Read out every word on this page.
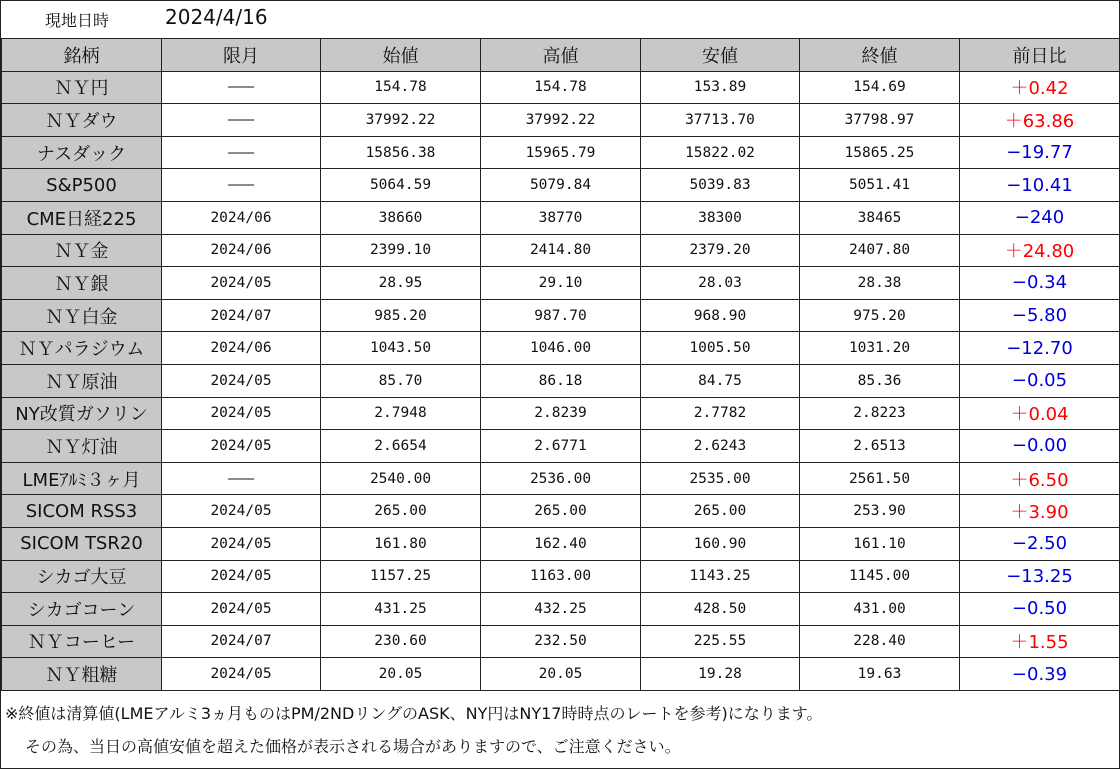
現地日時	2024/4/16
銘柄	限月	始値	高値	安値	終値	前日比
ＮＹ円	———	154.78	154.78	153.89	154.69	＋0.42
ＮＹダウ	———	37992.22	37992.22	37713.70	37798.97	＋63.86
ナスダック	———	15856.38	15965.79	15822.02	15865.25	−19.77
S&P500	———	5064.59	5079.84	5039.83	5051.41	−10.41
CME日経225	2024/06	38660	38770	38300	38465	−240
ＮＹ金	2024/06	2399.10	2414.80	2379.20	2407.80	＋24.80
ＮＹ銀	2024/05	28.95	29.10	28.03	28.38	−0.34
ＮＹ白金	2024/07	985.20	987.70	968.90	975.20	−5.80
ＮＹパラジウム	2024/06	1043.50	1046.00	1005.50	1031.20	−12.70
ＮＹ原油	2024/05	85.70	86.18	84.75	85.36	−0.05
NY改質ガソリン	2024/05	2.7948	2.8239	2.7782	2.8223	＋0.04
ＮＹ灯油	2024/05	2.6654	2.6771	2.6243	2.6513	−0.00
LMEｱﾙﾐ３ヶ月	———	2540.00	2536.00	2535.00	2561.50	＋6.50
SICOM RSS3	2024/05	265.00	265.00	265.00	253.90	＋3.90
SICOM TSR20	2024/05	161.80	162.40	160.90	161.10	−2.50
シカゴ大豆	2024/05	1157.25	1163.00	1143.25	1145.00	−13.25
シカゴコーン	2024/05	431.25	432.25	428.50	431.00	−0.50
ＮＹコーヒー	2024/07	230.60	232.50	225.55	228.40	＋1.55
ＮＹ粗糖	2024/05	20.05	20.05	19.28	19.63	−0.39
※終値は清算値(LMEアルミ3ヵ月ものはPM/2NDリングのASK、NY円はNY17時時点のレートを参考)になります。
その為、当日の高値安値を超えた価格が表示される場合がありますので、ご注意ください。
